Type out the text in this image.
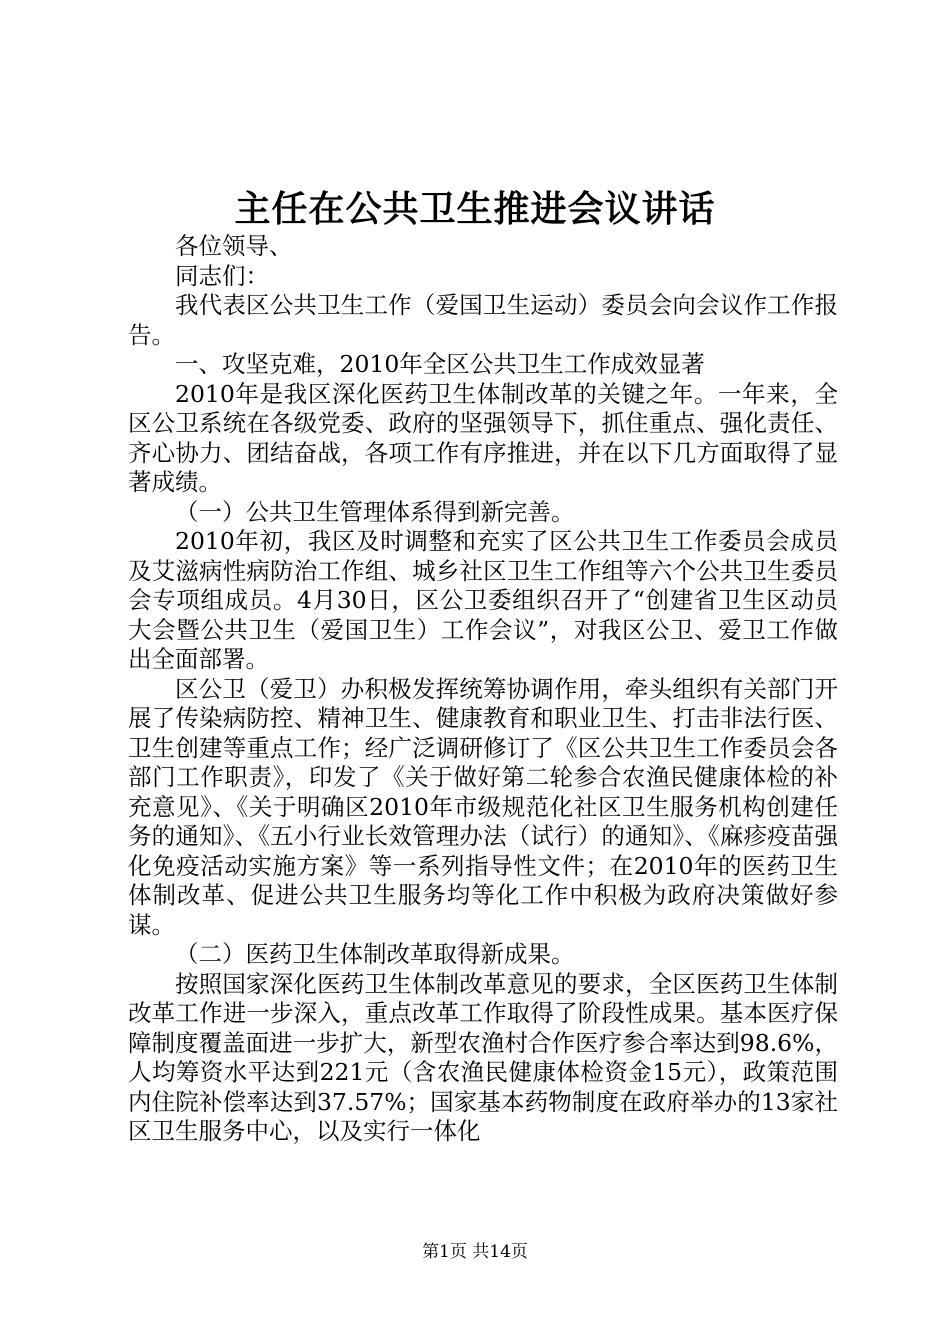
主任在公共卫生推进会议讲话

各位领导、

同志们：

我代表区公共卫生工作（爱国卫生运动）委员会向会议作工作报告。

一、攻坚克难，2010年全区公共卫生工作成效显著

2010年是我区深化医药卫生体制改革的关键之年。一年来，全区公卫系统在各级党委、政府的坚强领导下，抓住重点、强化责任、齐心协力、团结奋战，各项工作有序推进，并在以下几方面取得了显著成绩。

（一）公共卫生管理体系得到新完善。

2010年初，我区及时调整和充实了区公共卫生工作委员会成员及艾滋病性病防治工作组、城乡社区卫生工作组等六个公共卫生委员会专项组成员。4月30日，区公卫委组织召开了“创建省卫生区动员大会暨公共卫生（爱国卫生）工作会议”，对我区公卫、爱卫工作做出全面部署。

区公卫（爱卫）办积极发挥统筹协调作用，牵头组织有关部门开展了传染病防控、精神卫生、健康教育和职业卫生、打击非法行医、卫生创建等重点工作；经广泛调研修订了《区公共卫生工作委员会各部门工作职责》，印发了《关于做好第二轮参合农渔民健康体检的补充意见》、《关于明确区2010年市级规范化社区卫生服务机构创建任务的通知》、《五小行业长效管理办法（试行）的通知》、《麻疹疫苗强化免疫活动实施方案》等一系列指导性文件；在2010年的医药卫生体制改革、促进公共卫生服务均等化工作中积极为政府决策做好参谋。

（二）医药卫生体制改革取得新成果。

按照国家深化医药卫生体制改革意见的要求，全区医药卫生体制改革工作进一步深入，重点改革工作取得了阶段性成果。基本医疗保障制度覆盖面进一步扩大，新型农渔村合作医疗参合率达到98.6%，人均筹资水平达到221元（含农渔民健康体检资金15元），政策范围内住院补偿率达到37.57%；国家基本药物制度在政府举办的13家社区卫生服务中心，以及实行一体化

第1页 共14页
